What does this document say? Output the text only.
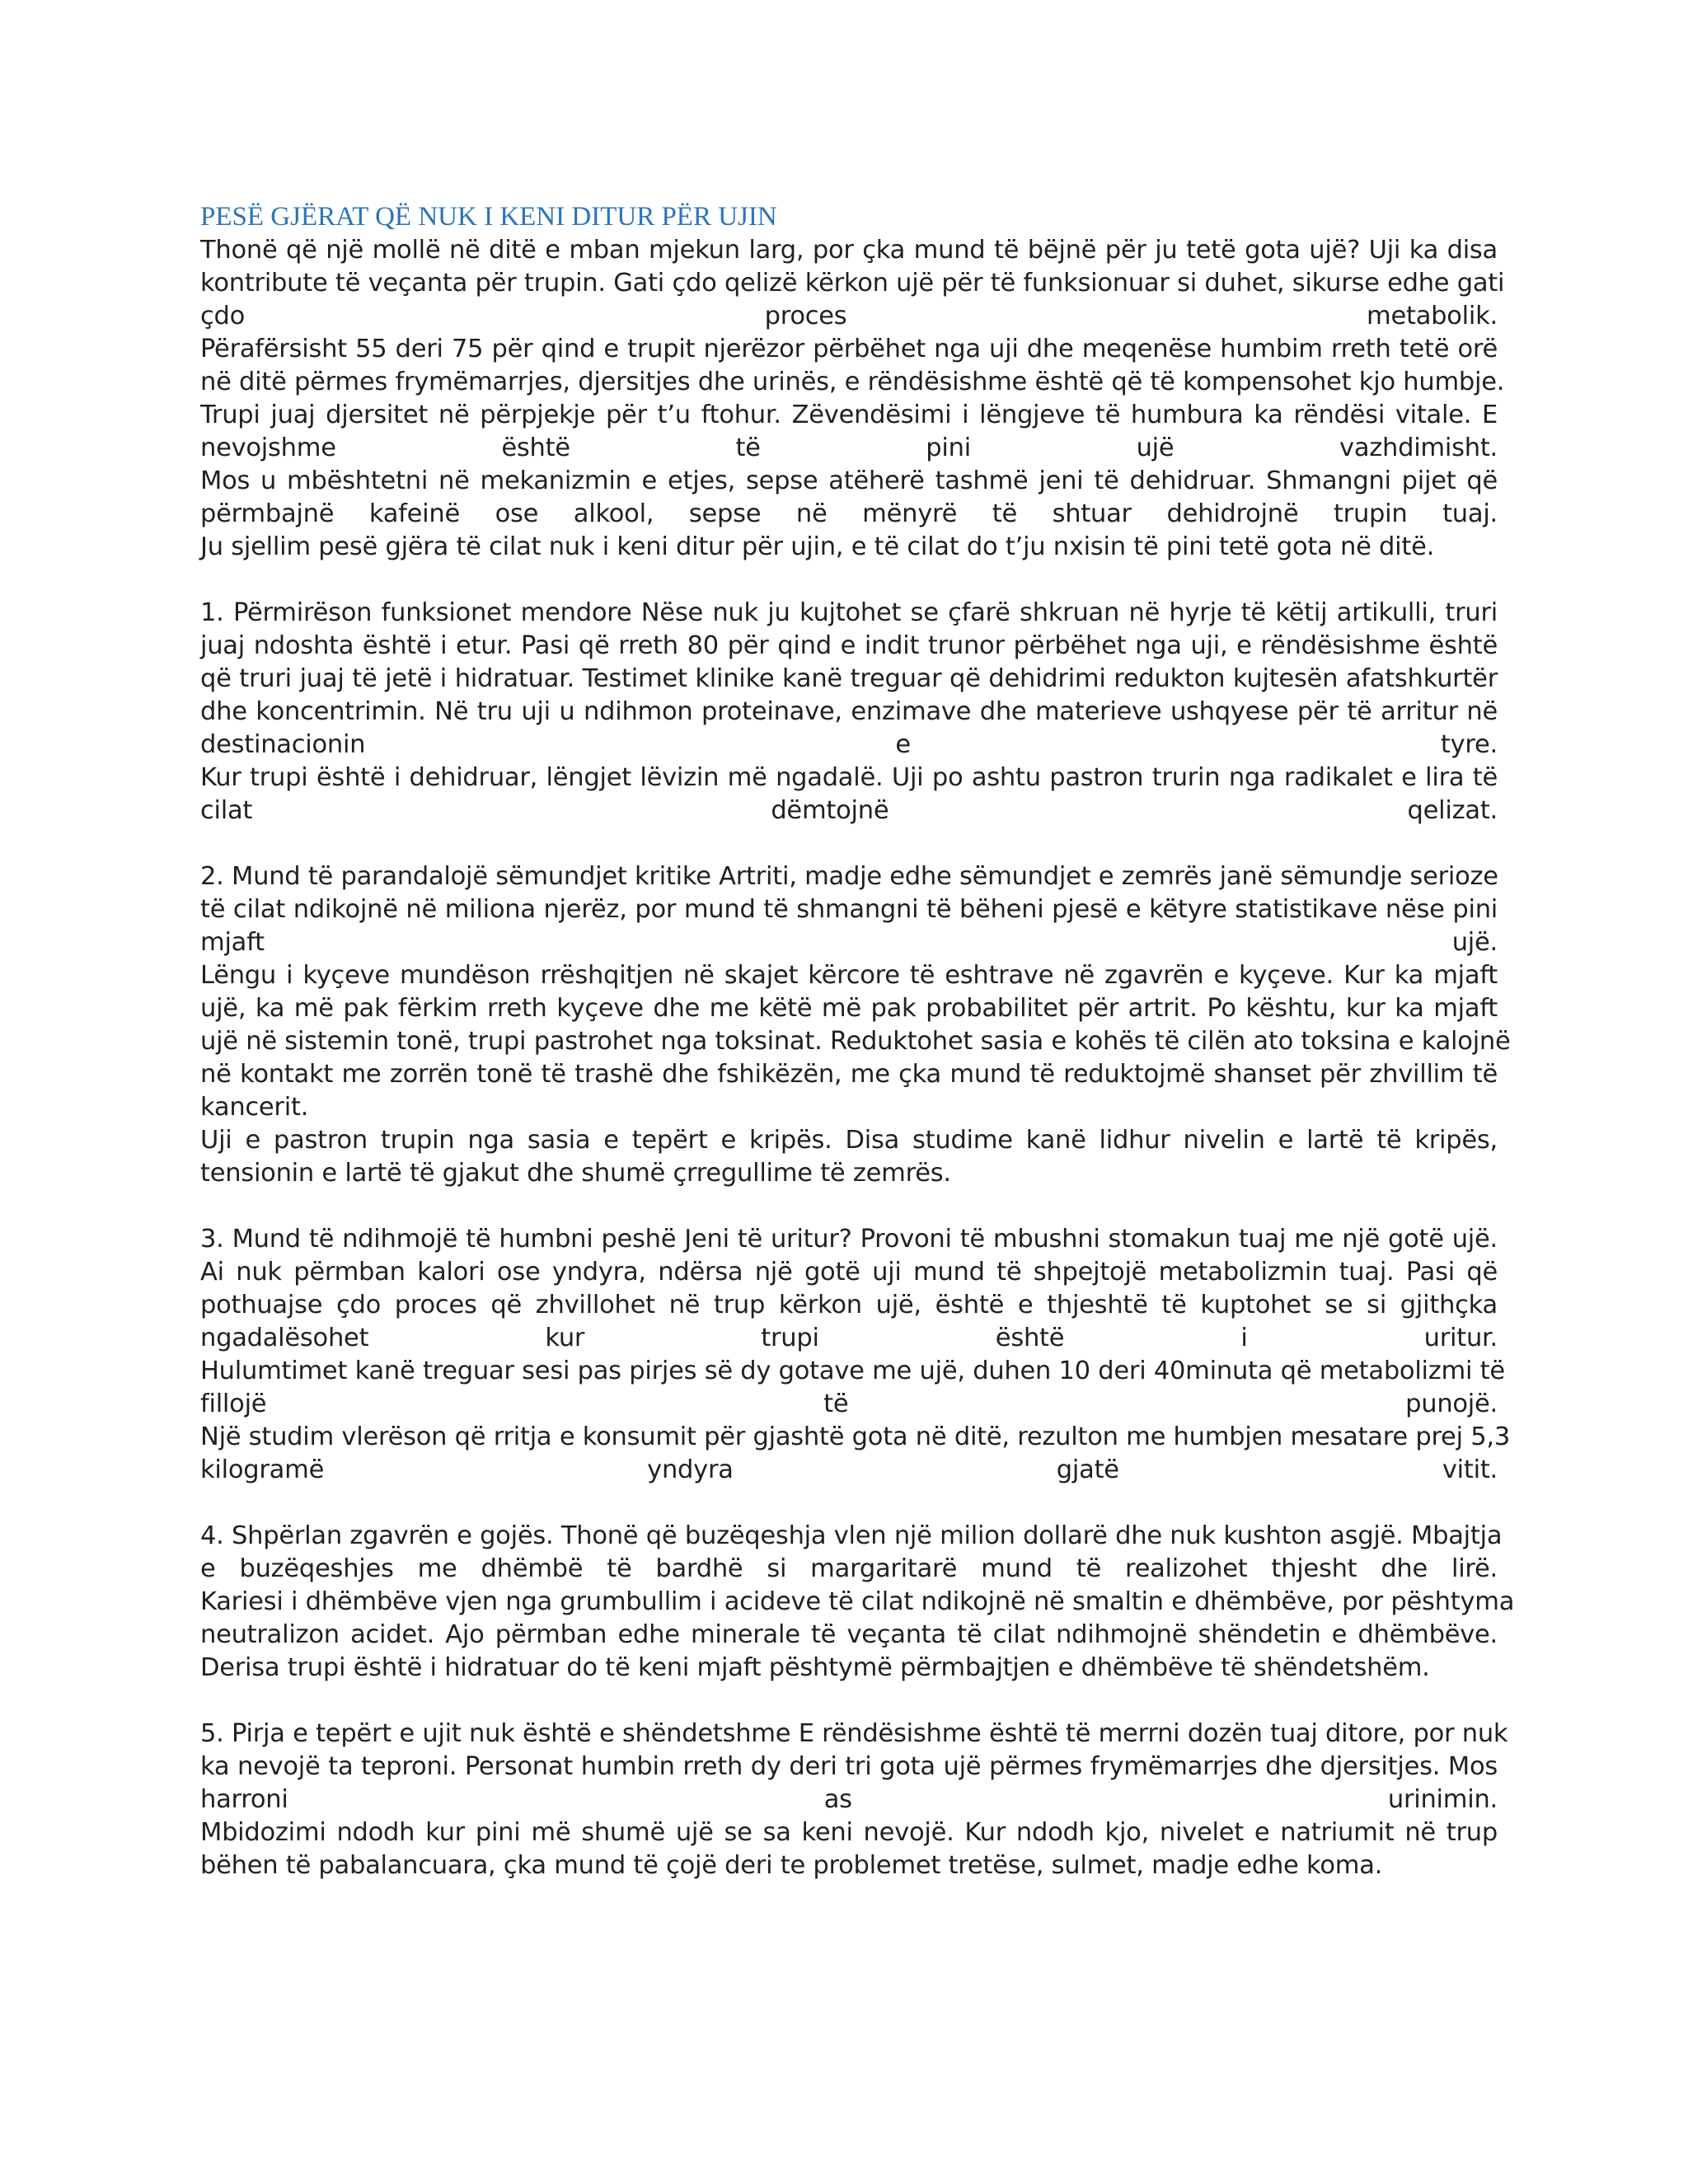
PESË GJËRAT QË NUK I KENI DITUR PËR UJIN
Thonë që një mollë në ditë e mban mjekun larg, por çka mund të bëjnë për ju tetë gota ujë? Uji ka disa
kontribute të veçanta për trupin. Gati çdo qelizë kërkon ujë për të funksionuar si duhet, sikurse edhe gati
çdo proces metabolik.
Përafërsisht 55 deri 75 për qind e trupit njerëzor përbëhet nga uji dhe meqenëse humbim rreth tetë orë
në ditë përmes frymëmarrjes, djersitjes dhe urinës, e rëndësishme është që të kompensohet kjo humbje.
Trupi juaj djersitet në përpjekje për t’u ftohur. Zëvendësimi i lëngjeve të humbura ka rëndësi vitale. E
nevojshme është të pini ujë vazhdimisht.
Mos u mbështetni në mekanizmin e etjes, sepse atëherë tashmë jeni të dehidruar. Shmangni pijet që
përmbajnë kafeinë ose alkool, sepse në mënyrë të shtuar dehidrojnë trupin tuaj.
Ju sjellim pesë gjëra të cilat nuk i keni ditur për ujin, e të cilat do t’ju nxisin të pini tetë gota në ditë.
1. Përmirëson funksionet mendore Nëse nuk ju kujtohet se çfarë shkruan në hyrje të këtij artikulli, truri
juaj ndoshta është i etur. Pasi që rreth 80 për qind e indit trunor përbëhet nga uji, e rëndësishme është
që truri juaj të jetë i hidratuar. Testimet klinike kanë treguar që dehidrimi redukton kujtesën afatshkurtër
dhe koncentrimin. Në tru uji u ndihmon proteinave, enzimave dhe materieve ushqyese për të arritur në
destinacionin e tyre.
Kur trupi është i dehidruar, lëngjet lëvizin më ngadalë. Uji po ashtu pastron trurin nga radikalet e lira të
cilat dëmtojnë qelizat.
2. Mund të parandalojë sëmundjet kritike Artriti, madje edhe sëmundjet e zemrës janë sëmundje serioze
të cilat ndikojnë në miliona njerëz, por mund të shmangni të bëheni pjesë e këtyre statistikave nëse pini
mjaft ujë.
Lëngu i kyçeve mundëson rrëshqitjen në skajet kërcore të eshtrave në zgavrën e kyçeve. Kur ka mjaft
ujë, ka më pak fërkim rreth kyçeve dhe me këtë më pak probabilitet për artrit. Po kështu, kur ka mjaft
ujë në sistemin tonë, trupi pastrohet nga toksinat. Reduktohet sasia e kohës të cilën ato toksina e kalojnë
në kontakt me zorrën tonë të trashë dhe fshikëzën, me çka mund të reduktojmë shanset për zhvillim të
kancerit.
Uji e pastron trupin nga sasia e tepërt e kripës. Disa studime kanë lidhur nivelin e lartë të kripës,
tensionin e lartë të gjakut dhe shumë çrregullime të zemrës.
3. Mund të ndihmojë të humbni peshë Jeni të uritur? Provoni të mbushni stomakun tuaj me një gotë ujë.
Ai nuk përmban kalori ose yndyra, ndërsa një gotë uji mund të shpejtojë metabolizmin tuaj. Pasi që
pothuajse çdo proces që zhvillohet në trup kërkon ujë, është e thjeshtë të kuptohet se si gjithçka
ngadalësohet kur trupi është i uritur.
Hulumtimet kanë treguar sesi pas pirjes së dy gotave me ujë, duhen 10 deri 40minuta që metabolizmi të
fillojë të punojë.
Një studim vlerëson që rritja e konsumit për gjashtë gota në ditë, rezulton me humbjen mesatare prej 5,3
kilogramë yndyra gjatë vitit.
4. Shpërlan zgavrën e gojës. Thonë që buzëqeshja vlen një milion dollarë dhe nuk kushton asgjë. Mbajtja
e buzëqeshjes me dhëmbë të bardhë si margaritarë mund të realizohet thjesht dhe lirë.
Kariesi i dhëmbëve vjen nga grumbullim i acideve të cilat ndikojnë në smaltin e dhëmbëve, por pështyma
neutralizon acidet. Ajo përmban edhe minerale të veçanta të cilat ndihmojnë shëndetin e dhëmbëve.
Derisa trupi është i hidratuar do të keni mjaft pështymë përmbajtjen e dhëmbëve të shëndetshëm.
5. Pirja e tepërt e ujit nuk është e shëndetshme E rëndësishme është të merrni dozën tuaj ditore, por nuk
ka nevojë ta teproni. Personat humbin rreth dy deri tri gota ujë përmes frymëmarrjes dhe djersitjes. Mos
harroni as urinimin.
Mbidozimi ndodh kur pini më shumë ujë se sa keni nevojë. Kur ndodh kjo, nivelet e natriumit në trup
bëhen të pabalancuara, çka mund të çojë deri te problemet tretëse, sulmet, madje edhe koma.
